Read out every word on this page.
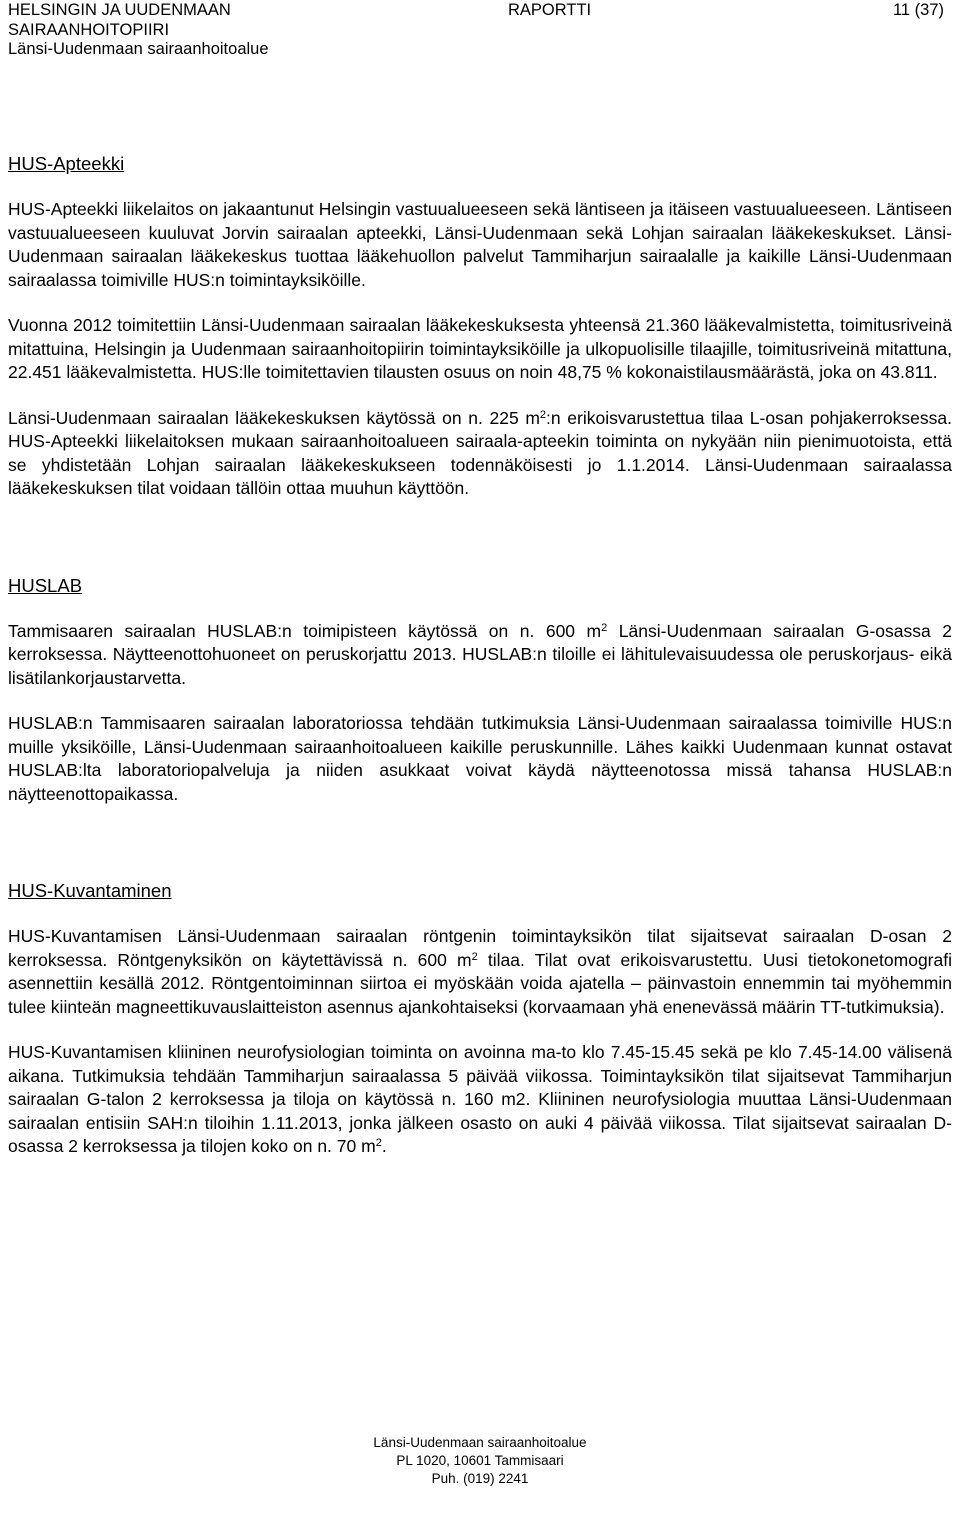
HELSINGIN JA UUDENMAAN
SAIRAANHOITOPIIRI
Länsi-Uudenmaan sairaanhoitoalue
RAPORTTI	11 (37)
HUS-Apteekki

HUS-Apteekki liikelaitos on jakaantunut Helsingin vastuualueeseen sekä läntiseen ja itäiseen vastuualueeseen. Läntiseen vastuualueeseen kuuluvat Jorvin sairaalan apteekki, Länsi-Uudenmaan sekä Lohjan sairaalan lääkekeskukset. Länsi-Uudenmaan sairaalan lääkekeskus tuottaa lääkehuollon palvelut Tammiharjun sairaalalle ja kaikille Länsi-Uudenmaan sairaalassa toimiville HUS:n toimintayksiköille.

Vuonna 2012 toimitettiin Länsi-Uudenmaan sairaalan lääkekeskuksesta yhteensä 21.360 lääkevalmistetta, toimitusriveinä mitattuina, Helsingin ja Uudenmaan sairaanhoitopiirin toimintayksiköille ja ulkopuolisille tilaajille, toimitusriveinä mitattuna, 22.451 lääkevalmistetta. HUS:lle toimitettavien tilausten osuus on noin 48,75 % kokonaistilausmäärästä, joka on 43.811.

Länsi-Uudenmaan sairaalan lääkekeskuksen käytössä on n. 225 $m^2:n$ erikoisvarustettua tilaa L-osan pohjakerroksessa. HUS-Apteekki liikelaitoksen mukaan sairaanhoitoalueen sairaala-apteekin toiminta on nykyään niin pienimuotoista, että se yhdistetään Lohjan sairaalan lääkekeskukseen todennäköisesti jo 1.1.2014. Länsi-Uudenmaan sairaalassa lääkekeskuksen tilat voidaan tällöin ottaa muuhun käyttöön.

HUSLAB

Tammisaaren sairaalan HUSLAB:n toimipisteen käytössä on n. 600 $m^2$ Länsi-Uudenmaan sairaalan G-osassa 2 kerroksessa. Näytteenottohuoneet on peruskorjattu 2013. HUSLAB:n tiloille ei lähitulevaisuudessa ole peruskorjaus- eikä lisätilankorjaustarvetta.

HUSLAB:n Tammisaaren sairaalan laboratoriossa tehdään tutkimuksia Länsi-Uudenmaan sairaalassa toimiville HUS:n muille yksiköille, Länsi-Uudenmaan sairaanhoitoalueen kaikille peruskunnille. Lähes kaikki Uudenmaan kunnat ostavat HUSLAB:lta laboratoriopalveluja ja niiden asukkaat voivat käydä näytteenotossa missä tahansa HUSLAB:n näytteenottopaikassa.

HUS-Kuvantaminen

HUS-Kuvantamisen Länsi-Uudenmaan sairaalan röntgenin toimintayksikön tilat sijaitsevat sairaalan D-osan 2 kerroksessa. Röntgenyksikön on käytettävissä n. 600 $m^2$ tilaa. Tilat ovat erikoisvarustettu. Uusi tietokonetomografi asennettiin kesällä 2012. Röntgentoiminnan siirtoa ei myöskään voida ajatella – päinvastoin ennemmin tai myöhemmin tulee kiinteän magneettikuvauslaitteiston asennus ajankohtaiseksi (korvaamaan yhä enenevässä määrin TT-tutkimuksia).

HUS-Kuvantamisen kliininen neurofysiologian toiminta on avoinna ma-to klo 7.45-15.45 sekä pe klo 7.45-14.00 välisenä aikana. Tutkimuksia tehdään Tammiharjun sairaalassa 5 päivää viikossa. Toimintayksikön tilat sijaitsevat Tammiharjun sairaalan G-talon 2 kerroksessa ja tiloja on käytössä n. 160 m2. Kliininen neurofysiologia muuttaa Länsi-Uudenmaan sairaalan entisiin SAH:n tiloihin 1.11.2013, jonka jälkeen osasto on auki 4 päivää viikossa. Tilat sijaitsevat sairaalan D-osassa 2 kerroksessa ja tilojen koko on n. 70 $m^2$.

Länsi-Uudenmaan sairaanhoitoalue
PL 1020, 10601 Tammisaari
Puh. (019) 2241
